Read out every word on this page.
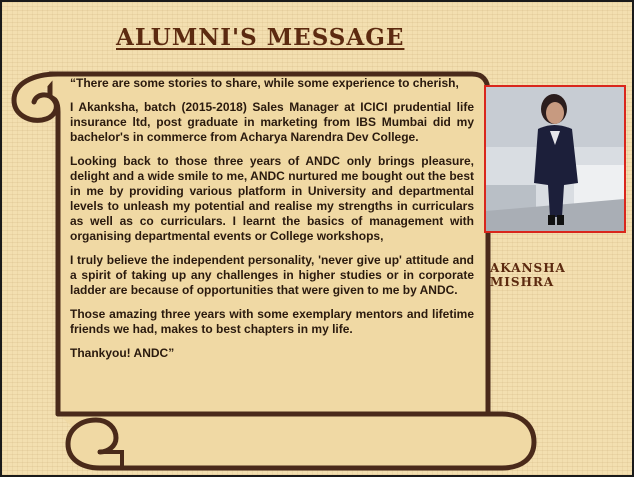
ALUMNI'S MESSAGE

“There are some stories to share, while some experience to cherish,

I Akanksha, batch (2015-2018) Sales Manager at ICICI prudential life insurance ltd, post graduate in marketing from IBS Mumbai did my bachelor's in commerce from Acharya Narendra Dev College.

Looking back to those three years of ANDC only brings pleasure, delight and a wide smile to me, ANDC nurtured me bought out the best in me by providing various platform in University and departmental levels to unleash my potential and realise my strengths in curriculars as well as co curriculars. I learnt the basics of management with organising departmental events or College workshops,

I truly believe the independent personality, 'never give up' attitude and a spirit of taking up any challenges in higher studies or in corporate ladder are because of opportunities that were given to me by ANDC.

Those amazing three years with some exemplary mentors and lifetime friends we had, makes to best chapters in my life.

Thankyou! ANDC”

AKANSHA MISHRA
